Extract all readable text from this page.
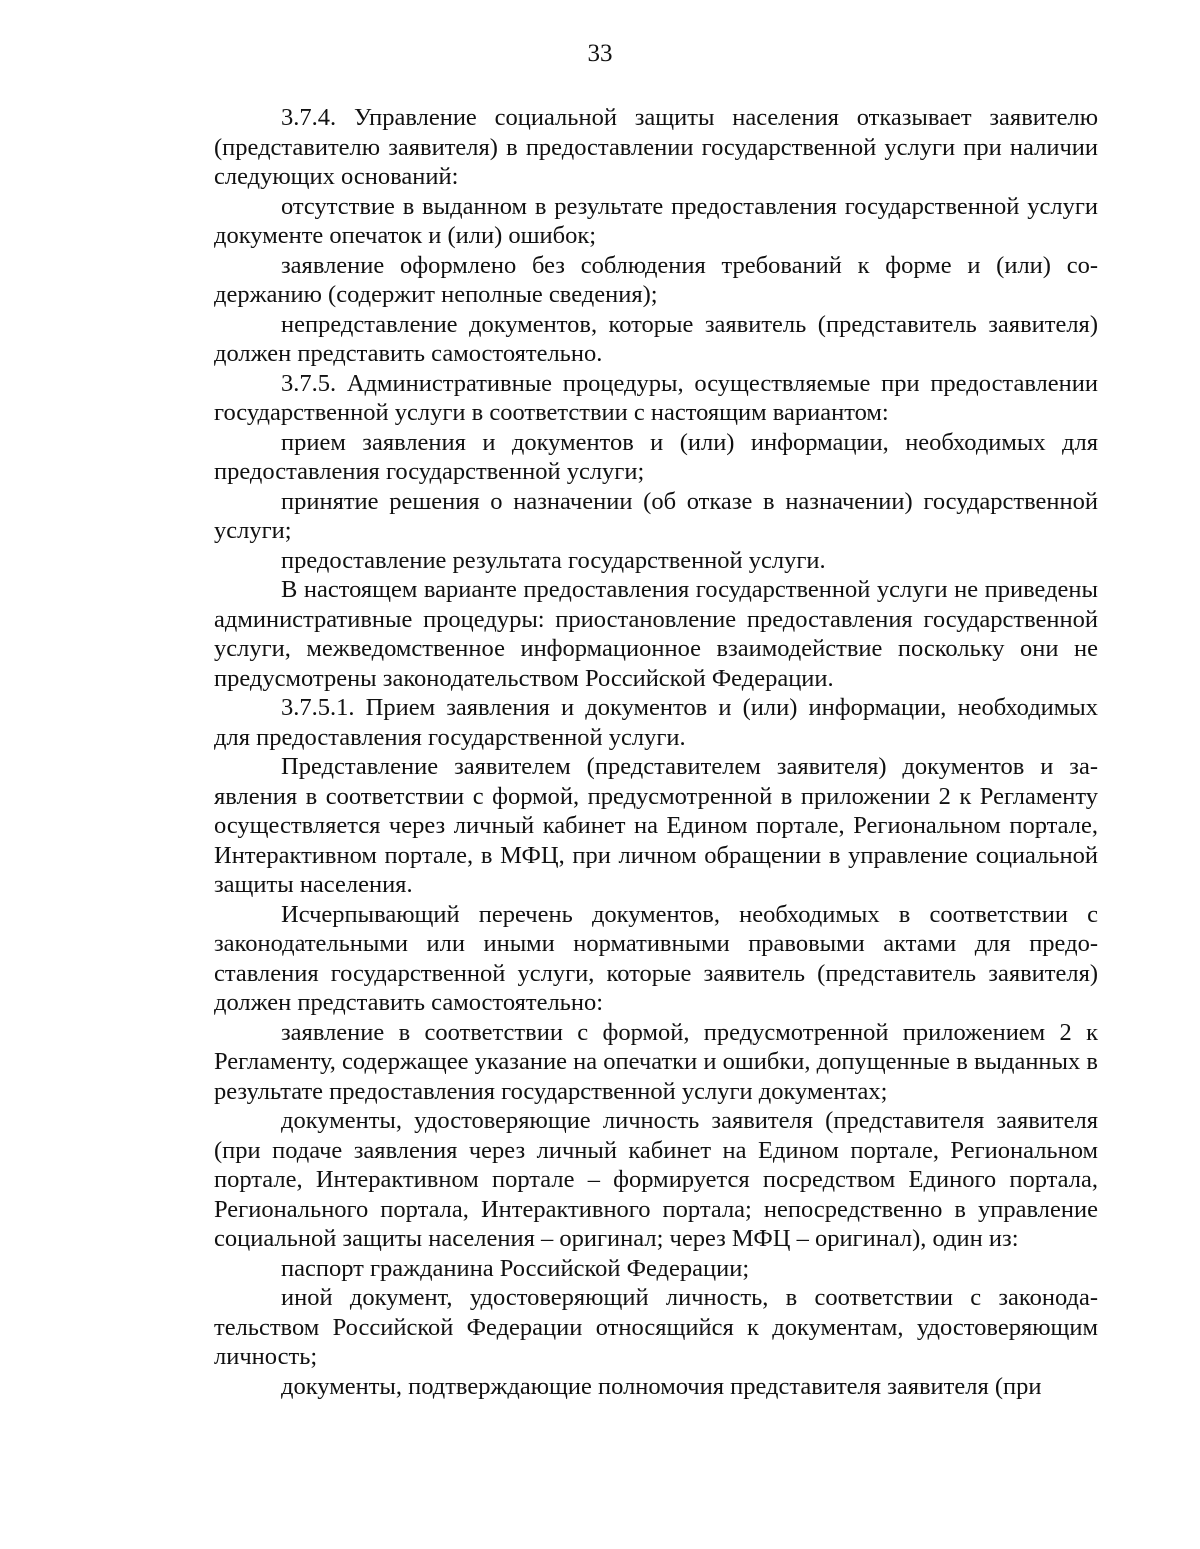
33

3.7.4. Управление социальной защиты населения отказывает заявителю (представителю заявителя) в предоставлении государственной услуги при наличии следующих оснований:

отсутствие в выданном в результате предоставления государственной услуги документе опечаток и (или) ошибок;

заявление оформлено без соблюдения требований к форме и (или) содержанию (содержит неполные сведения);

непредставление документов, которые заявитель (представитель заявителя) должен представить самостоятельно.

3.7.5. Административные процедуры, осуществляемые при предоставлении государственной услуги в соответствии с настоящим вариантом:

прием заявления и документов и (или) информации, необходимых для предоставления государственной услуги;

принятие решения о назначении (об отказе в назначении) государственной услуги;

предоставление результата государственной услуги.

В настоящем варианте предоставления государственной услуги не приведены административные процедуры: приостановление предоставления государственной услуги, межведомственное информационное взаимодействие поскольку они не предусмотрены законодательством Российской Федерации.

3.7.5.1. Прием заявления и документов и (или) информации, необходимых для предоставления государственной услуги.

Представление заявителем (представителем заявителя) документов и заявления в соответствии с формой, предусмотренной в приложении 2 к Регламенту осуществляется через личный кабинет на Едином портале, Региональном портале, Интерактивном портале, в МФЦ, при личном обращении в управление социальной защиты населения.

Исчерпывающий перечень документов, необходимых в соответствии с законодательными или иными нормативными правовыми актами для предоставления государственной услуги, которые заявитель (представитель заявителя) должен представить самостоятельно:

заявление в соответствии с формой, предусмотренной приложением 2 к Регламенту, содержащее указание на опечатки и ошибки, допущенные в выданных в результате предоставления государственной услуги документах;

документы, удостоверяющие личность заявителя (представителя заявителя (при подаче заявления через личный кабинет на Едином портале, Региональном портале, Интерактивном портале – формируется посредством Единого портала, Регионального портала, Интерактивного портала; непосредственно в управление социальной защиты населения – оригинал; через МФЦ – оригинал), один из:

паспорт гражданина Российской Федерации;

иной документ, удостоверяющий личность, в соответствии с законодательством Российской Федерации относящийся к документам, удостоверяющим личность;

документы, подтверждающие полномочия представителя заявителя (при
